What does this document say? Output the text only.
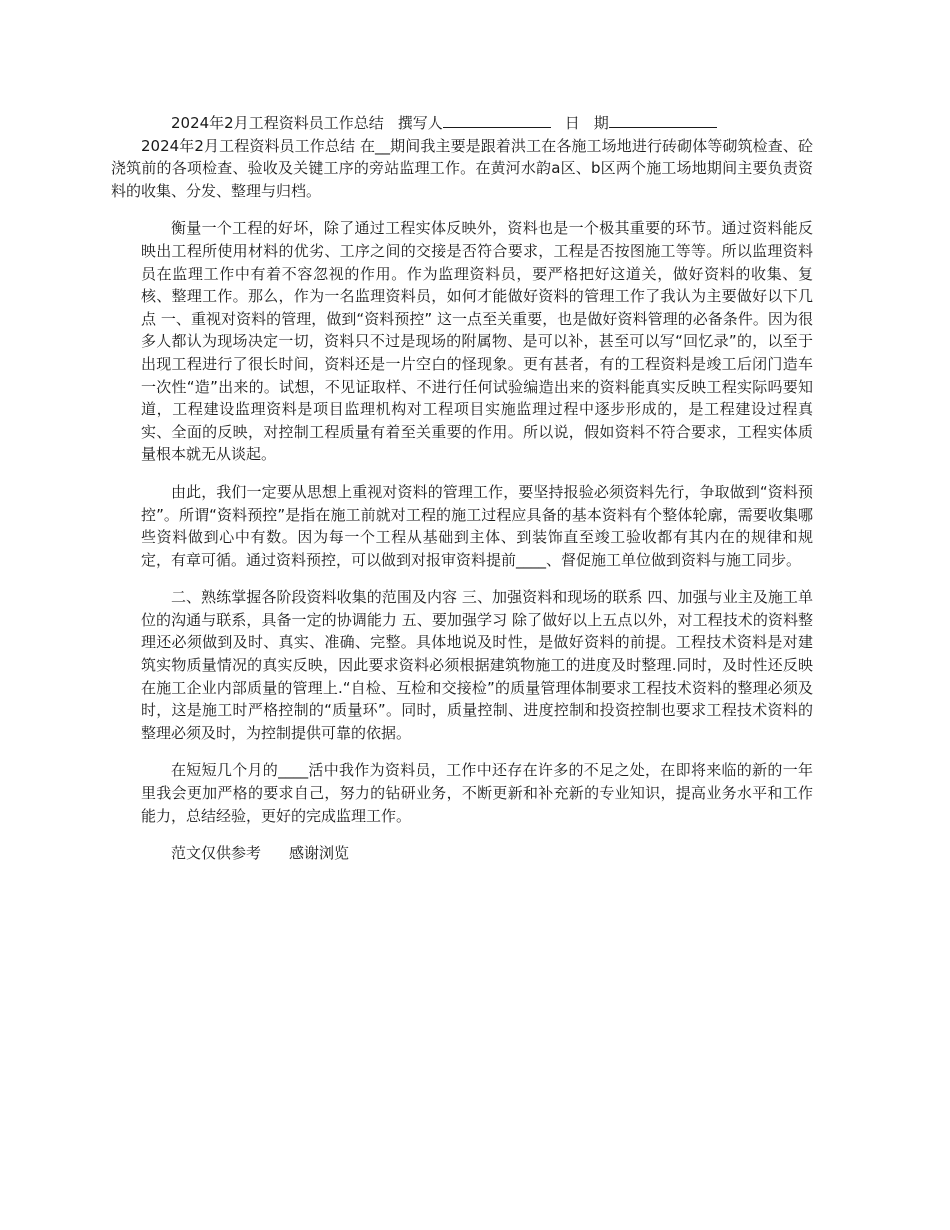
2024年2月工程资料员工作总结 撰写人	日 期

2024年2月工程资料员工作总结 在__期间我主要是跟着洪工在各施工场地进行砖砌体等砌筑检查、砼浇筑前的各项检查、验收及关键工序的旁站监理工作。在黄河水韵a区、b区两个施工场地期间主要负责资料的收集、分发、整理与归档。

衡量一个工程的好坏，除了通过工程实体反映外，资料也是一个极其重要的环节。通过资料能反映出工程所使用材料的优劣、工序之间的交接是否符合要求，工程是否按图施工等等。所以监理资料员在监理工作中有着不容忽视的作用。作为监理资料员，要严格把好这道关，做好资料的收集、复核、整理工作。那么，作为一名监理资料员，如何才能做好资料的管理工作了我认为主要做好以下几点 一、重视对资料的管理，做到“资料预控” 这一点至关重要，也是做好资料管理的必备条件。因为很多人都认为现场决定一切，资料只不过是现场的附属物、是可以补，甚至可以写“回忆录”的，以至于出现工程进行了很长时间，资料还是一片空白的怪现象。更有甚者，有的工程资料是竣工后闭门造车一次性“造”出来的。试想，不见证取样、不进行任何试验编造出来的资料能真实反映工程实际吗要知道，工程建设监理资料是项目监理机构对工程项目实施监理过程中逐步形成的，是工程建设过程真实、全面的反映，对控制工程质量有着至关重要的作用。所以说，假如资料不符合要求，工程实体质量根本就无从谈起。

由此，我们一定要从思想上重视对资料的管理工作，要坚持报验必须资料先行，争取做到“资料预控”。所谓“资料预控”是指在施工前就对工程的施工过程应具备的基本资料有个整体轮廓，需要收集哪些资料做到心中有数。因为每一个工程从基础到主体、到装饰直至竣工验收都有其内在的规律和规定，有章可循。通过资料预控，可以做到对报审资料提前____、督促施工单位做到资料与施工同步。

二、熟练掌握各阶段资料收集的范围及内容 三、加强资料和现场的联系 四、加强与业主及施工单位的沟通与联系，具备一定的协调能力 五、要加强学习 除了做好以上五点以外，对工程技术的资料整理还必须做到及时、真实、准确、完整。具体地说及时性，是做好资料的前提。工程技术资料是对建筑实物质量情况的真实反映，因此要求资料必须根据建筑物施工的进度及时整理.同时，及时性还反映在施工企业内部质量的管理上.“自检、互检和交接检”的质量管理体制要求工程技术资料的整理必须及时，这是施工时严格控制的“质量环”。同时，质量控制、进度控制和投资控制也要求工程技术资料的整理必须及时，为控制提供可靠的依据。

在短短几个月的____活中我作为资料员，工作中还存在许多的不足之处，在即将来临的新的一年里我会更加严格的要求自己，努力的钻研业务，不断更新和补充新的专业知识，提高业务水平和工作能力，总结经验，更好的完成监理工作。

范文仅供参考 感谢浏览
